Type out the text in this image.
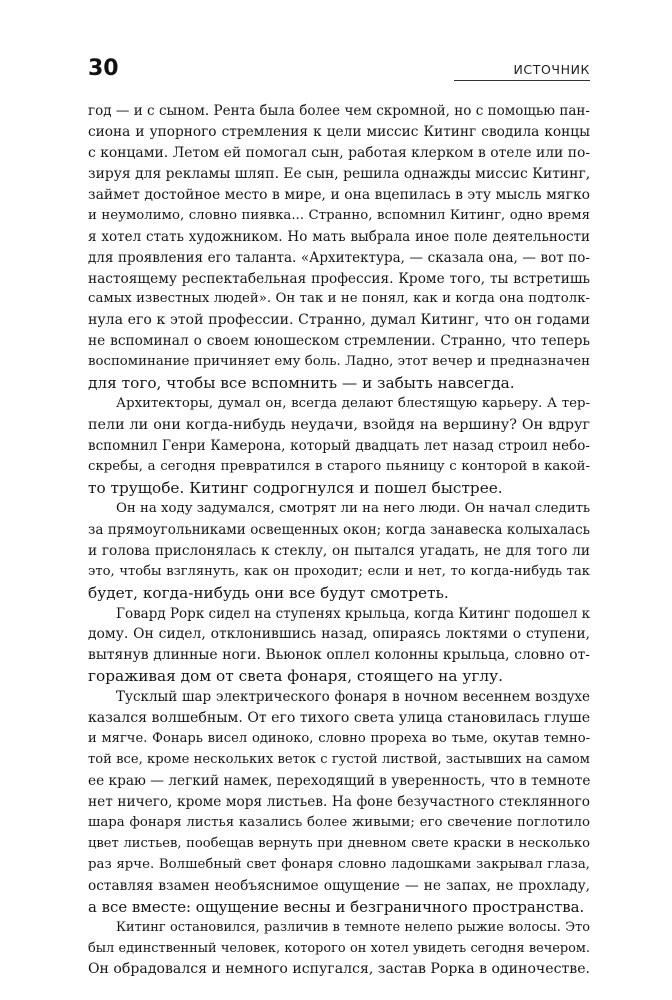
30	ИСТОЧНИК
год — и с сыном. Рента была более чем скромной, но с помощью пан-
сиона и упорного стремления к цели миссис Китинг сводила концы
с концами. Летом ей помогал сын, работая клерком в отеле или по-
зируя для рекламы шляп. Ее сын, решила однажды миссис Китинг,
займет достойное место в мире, и она вцепилась в эту мысль мягко
и неумолимо, словно пиявка... Странно, вспомнил Китинг, одно время
я хотел стать художником. Но мать выбрала иное поле деятельности
для проявления его таланта. «Архитектура, — сказала она, — вот по-
настоящему респектабельная профессия. Кроме того, ты встретишь
самых известных людей». Он так и не понял, как и когда она подтолк-
нула его к этой профессии. Странно, думал Китинг, что он годами
не вспоминал о своем юношеском стремлении. Странно, что теперь
воспоминание причиняет ему боль. Ладно, этот вечер и предназначен
для того, чтобы все вспомнить — и забыть навсегда.
Архитекторы, думал он, всегда делают блестящую карьеру. А тер-
пели ли они когда-нибудь неудачи, взойдя на вершину? Он вдруг
вспомнил Генри Камерона, который двадцать лет назад строил небо-
скребы, а сегодня превратился в старого пьяницу с конторой в какой-
то трущобе. Китинг содрогнулся и пошел быстрее.
Он на ходу задумался, смотрят ли на него люди. Он начал следить
за прямоугольниками освещенных окон; когда занавеска колыхалась
и голова прислонялась к стеклу, он пытался угадать, не для того ли
это, чтобы взглянуть, как он проходит; если и нет, то когда-нибудь так
будет, когда-нибудь они все будут смотреть.
Говард Рорк сидел на ступенях крыльца, когда Китинг подошел к
дому. Он сидел, отклонившись назад, опираясь локтями о ступени,
вытянув длинные ноги. Вьюнок оплел колонны крыльца, словно от-
гораживая дом от света фонаря, стоящего на углу.
Тусклый шар электрического фонаря в ночном весеннем воздухе
казался волшебным. От его тихого света улица становилась глуше
и мягче. Фонарь висел одиноко, словно прореха во тьме, окутав темно-
той все, кроме нескольких веток с густой листвой, застывших на самом
ее краю — легкий намек, переходящий в уверенность, что в темноте
нет ничего, кроме моря листьев. На фоне безучастного стеклянного
шара фонаря листья казались более живыми; его свечение поглотило
цвет листьев, пообещав вернуть при дневном свете краски в несколько
раз ярче. Волшебный свет фонаря словно ладошками закрывал глаза,
оставляя взамен необъяснимое ощущение — не запах, не прохладу,
а все вместе: ощущение весны и безграничного пространства.
Китинг остановился, различив в темноте нелепо рыжие волосы. Это
был единственный человек, которого он хотел увидеть сегодня вечером.
Он обрадовался и немного испугался, застав Рорка в одиночестве.
